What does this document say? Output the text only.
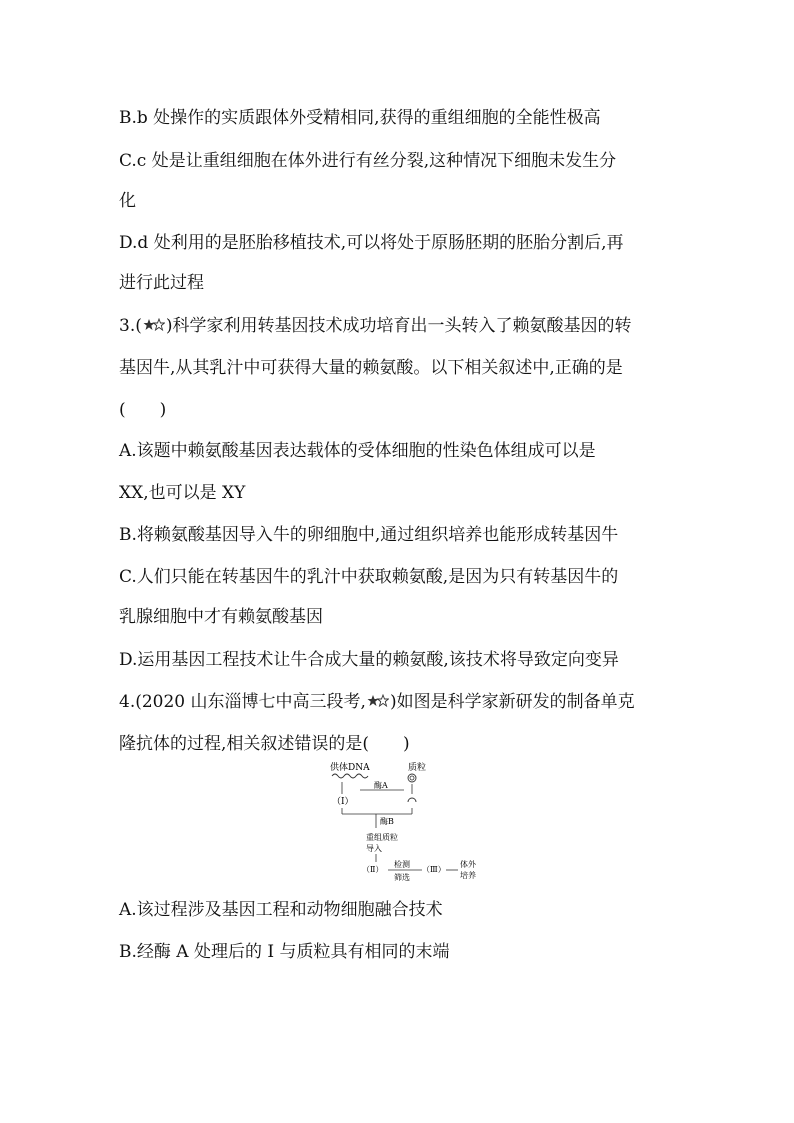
B.b 处操作的实质跟体外受精相同,获得的重组细胞的全能性极高
C.c 处是让重组细胞在体外进行有丝分裂,这种情况下细胞未发生分
化
D.d 处利用的是胚胎移植技术,可以将处于原肠胚期的胚胎分割后,再
进行此过程
3.( )科学家利用转基因技术成功培育出一头转入了赖氨酸基因的转
基因牛,从其乳汁中可获得大量的赖氨酸。以下相关叙述中,正确的是
(　　)
A.该题中赖氨酸基因表达载体的受体细胞的性染色体组成可以是
XX,也可以是 XY
B.将赖氨酸基因导入牛的卵细胞中,通过组织培养也能形成转基因牛
C.人们只能在转基因牛的乳汁中获取赖氨酸,是因为只有转基因牛的
乳腺细胞中才有赖氨酸基因
D.运用基因工程技术让牛合成大量的赖氨酸,该技术将导致定向变异
4.(2020 山东淄博七中高三段考, )如图是科学家新研发的制备单克
隆抗体的过程,相关叙述错误的是(　　)
供体DNA	质粒
酶A
（Ⅰ）
酶B
重组质粒
导入
（Ⅱ）
检测
筛选
（Ⅲ）
体外
培养
A.该过程涉及基因工程和动物细胞融合技术
B.经酶 A 处理后的 Ⅰ 与质粒具有相同的末端
